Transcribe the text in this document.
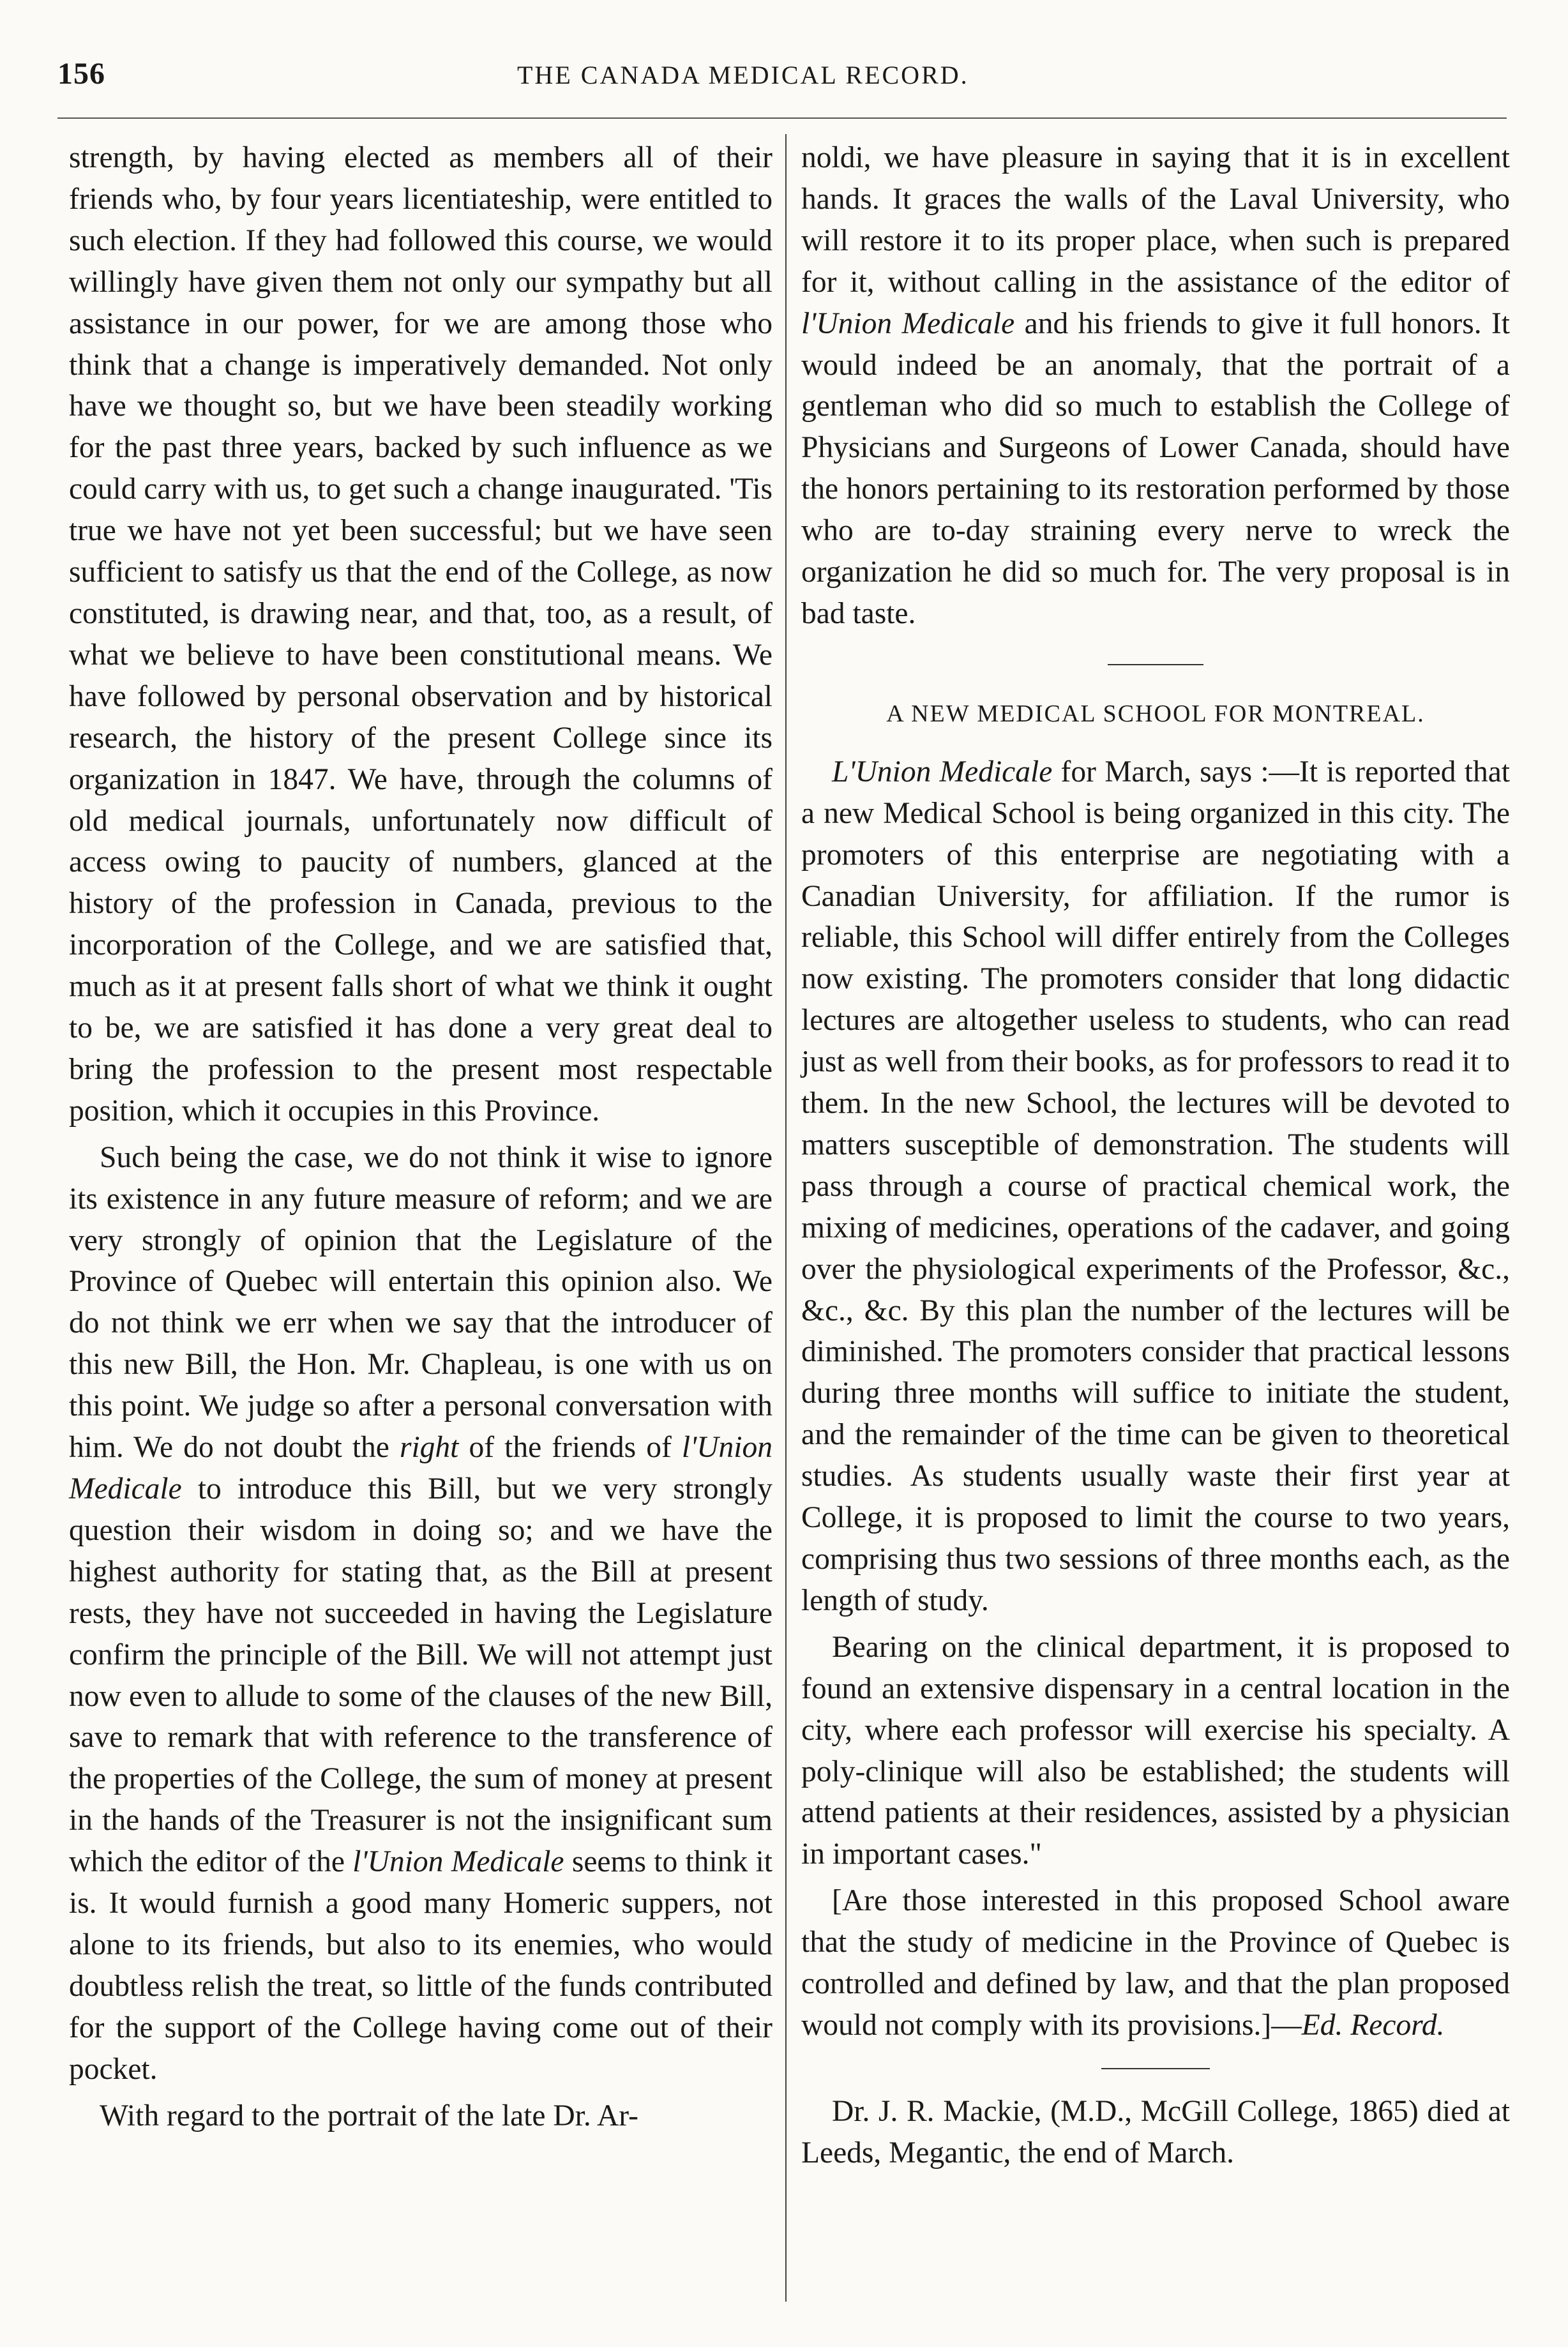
156	THE CANADA MEDICAL RECORD.

strength, by having elected as members all of their friends who, by four years licentiateship, were entitled to such election. If they had followed this course, we would willingly have given them not only our sympathy but all assistance in our power, for we are among those who think that a change is imperatively demanded. Not only have we thought so, but we have been steadily working for the past three years, backed by such influence as we could carry with us, to get such a change inaugurated. 'Tis true we have not yet been successful; but we have seen sufficient to satisfy us that the end of the College, as now constituted, is drawing near, and that, too, as a result, of what we believe to have been constitutional means. We have followed by personal observation and by historical research, the history of the present College since its organization in 1847. We have, through the columns of old medical journals, unfortunately now difficult of access owing to paucity of numbers, glanced at the history of the profession in Canada, previous to the incorporation of the College, and we are satisfied that, much as it at present falls short of what we think it ought to be, we are satisfied it has done a very great deal to bring the profession to the present most respectable position, which it occupies in this Province.

Such being the case, we do not think it wise to ignore its existence in any future measure of reform; and we are very strongly of opinion that the Legislature of the Province of Quebec will entertain this opinion also. We do not think we err when we say that the introducer of this new Bill, the Hon. Mr. Chapleau, is one with us on this point. We judge so after a personal conversation with him. We do not doubt the right of the friends of l'Union Medicale to introduce this Bill, but we very strongly question their wisdom in doing so; and we have the highest authority for stating that, as the Bill at present rests, they have not succeeded in having the Legislature confirm the principle of the Bill. We will not attempt just now even to allude to some of the clauses of the new Bill, save to remark that with reference to the transference of the properties of the College, the sum of money at present in the hands of the Treasurer is not the insignificant sum which the editor of the l'Union Medicale seems to think it is. It would furnish a good many Homeric suppers, not alone to its friends, but also to its enemies, who would doubtless relish the treat, so little of the funds contributed for the support of the College having come out of their pocket.

With regard to the portrait of the late Dr. Ar-

noldi, we have pleasure in saying that it is in excellent hands. It graces the walls of the Laval University, who will restore it to its proper place, when such is prepared for it, without calling in the assistance of the editor of l'Union Medicale and his friends to give it full honors. It would indeed be an anomaly, that the portrait of a gentleman who did so much to establish the College of Physicians and Surgeons of Lower Canada, should have the honors pertaining to its restoration performed by those who are to-day straining every nerve to wreck the organization he did so much for. The very proposal is in bad taste.

A NEW MEDICAL SCHOOL FOR MONTREAL.

L'Union Medicale for March, says :—It is reported that a new Medical School is being organized in this city. The promoters of this enterprise are negotiating with a Canadian University, for affiliation. If the rumor is reliable, this School will differ entirely from the Colleges now existing. The promoters consider that long didactic lectures are altogether useless to students, who can read just as well from their books, as for professors to read it to them. In the new School, the lectures will be devoted to matters susceptible of demonstration. The students will pass through a course of practical chemical work, the mixing of medicines, operations of the cadaver, and going over the physiological experiments of the Professor, &c., &c., &c. By this plan the number of the lectures will be diminished. The promoters consider that practical lessons during three months will suffice to initiate the student, and the remainder of the time can be given to theoretical studies. As students usually waste their first year at College, it is proposed to limit the course to two years, comprising thus two sessions of three months each, as the length of study.

Bearing on the clinical department, it is proposed to found an extensive dispensary in a central location in the city, where each professor will exercise his specialty. A poly-clinique will also be established; the students will attend patients at their residences, assisted by a physician in important cases."

[Are those interested in this proposed School aware that the study of medicine in the Province of Quebec is controlled and defined by law, and that the plan proposed would not comply with its provisions.]—Ed. Record.

Dr. J. R. Mackie, (M.D., McGill College, 1865) died at Leeds, Megantic, the end of March.
